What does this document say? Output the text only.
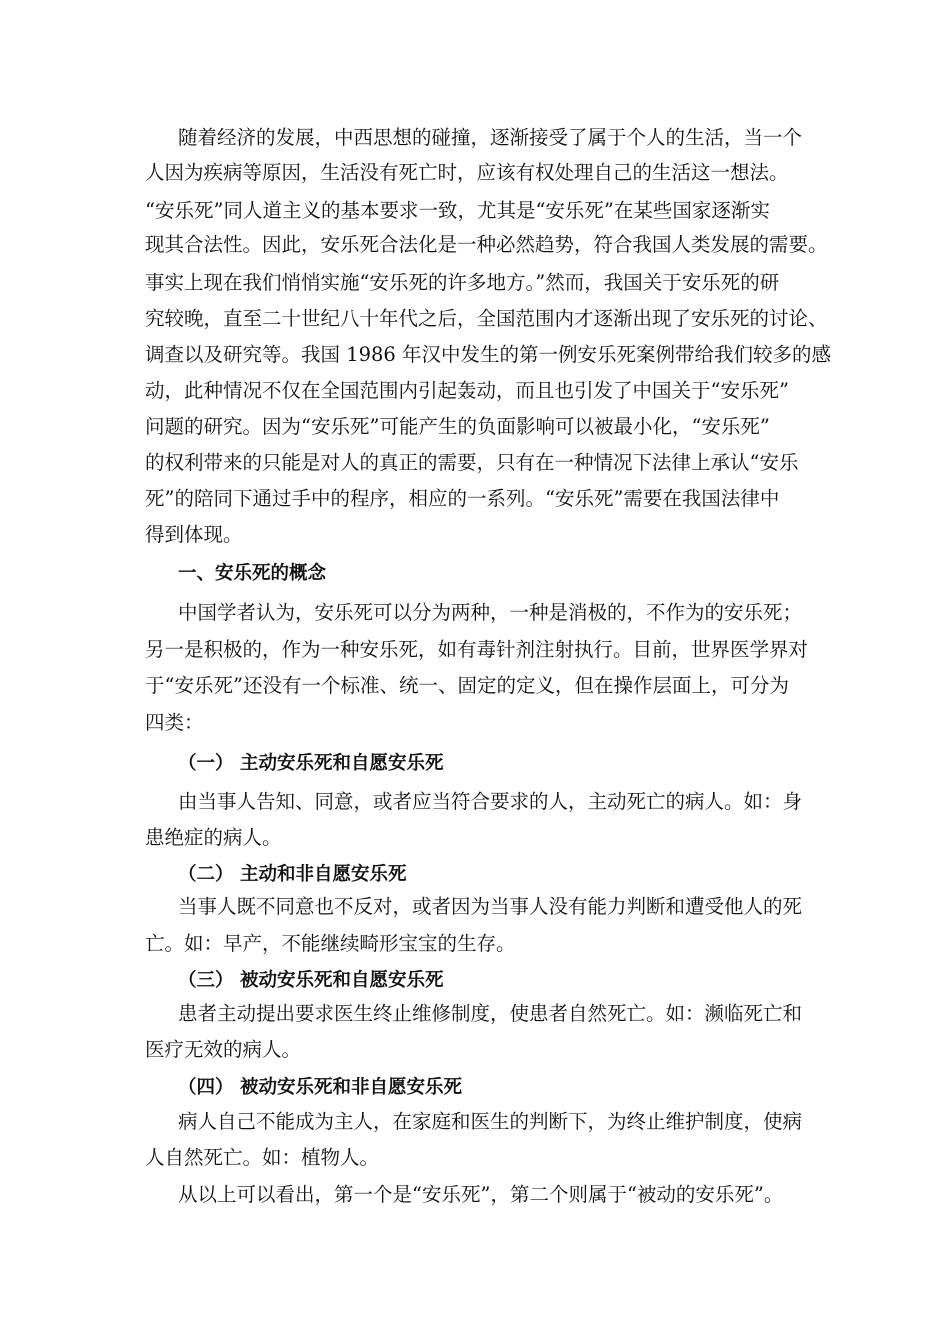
随着经济的发展，中西思想的碰撞，逐渐接受了属于个人的生活，当一个
人因为疾病等原因，生活没有死亡时，应该有权处理自己的生活这一想法。
“安乐死”同人道主义的基本要求一致，尤其是“安乐死”在某些国家逐渐实
现其合法性。因此，安乐死合法化是一种必然趋势，符合我国人类发展的需要。
事实上现在我们悄悄实施“安乐死的许多地方。”然而，我国关于安乐死的研
究较晚，直至二十世纪八十年代之后，全国范围内才逐渐出现了安乐死的讨论、
调查以及研究等。我国 1986 年汉中发生的第一例安乐死案例带给我们较多的感
动，此种情况不仅在全国范围内引起轰动，而且也引发了中国关于“安乐死”
问题的研究。因为“安乐死”可能产生的负面影响可以被最小化，“安乐死”
的权利带来的只能是对人的真正的需要，只有在一种情况下法律上承认“安乐
死”的陪同下通过手中的程序，相应的一系列。“安乐死”需要在我国法律中
得到体现。
一、安乐死的概念
中国学者认为，安乐死可以分为两种，一种是消极的，不作为的安乐死；
另一是积极的，作为一种安乐死，如有毒针剂注射执行。目前，世界医学界对
于“安乐死”还没有一个标准、统一、固定的定义，但在操作层面上，可分为
四类：
（一） 主动安乐死和自愿安乐死
由当事人告知、同意，或者应当符合要求的人，主动死亡的病人。如：身
患绝症的病人。
（二） 主动和非自愿安乐死
当事人既不同意也不反对，或者因为当事人没有能力判断和遭受他人的死
亡。如：早产，不能继续畸形宝宝的生存。
（三） 被动安乐死和自愿安乐死
患者主动提出要求医生终止维修制度，使患者自然死亡。如：濒临死亡和
医疗无效的病人。
（四） 被动安乐死和非自愿安乐死
病人自己不能成为主人，在家庭和医生的判断下，为终止维护制度，使病
人自然死亡。如：植物人。
从以上可以看出，第一个是“安乐死”，第二个则属于“被动的安乐死”。
